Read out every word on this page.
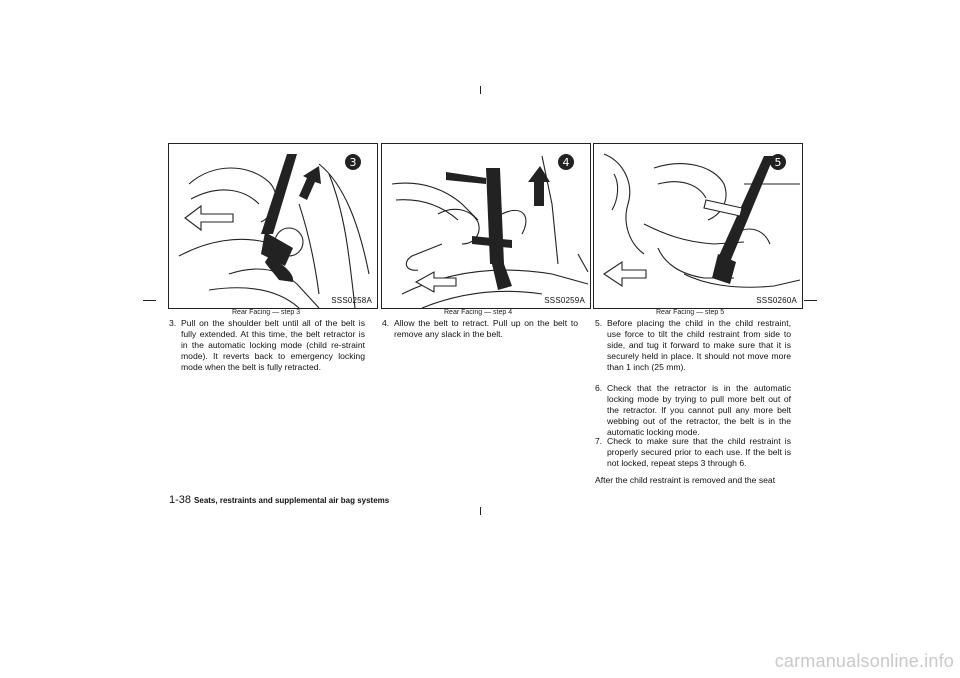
3
SSS0258A
Rear Facing — step 3
4
SSS0259A
Rear Facing — step 4
5
SSS0260A
Rear Facing — step 5
3. Pull on the shoulder belt until all of the belt is fully extended. At this time, the belt retractor is in the automatic locking mode (child re-straint mode). It reverts back to emergency locking mode when the belt is fully retracted.
4. Allow the belt to retract. Pull up on the belt to remove any slack in the belt.
5. Before placing the child in the child restraint, use force to tilt the child restraint from side to side, and tug it forward to make sure that it is securely held in place. It should not move more than 1 inch (25 mm).
6. Check that the retractor is in the automatic locking mode by trying to pull more belt out of the retractor. If you cannot pull any more belt webbing out of the retractor, the belt is in the automatic locking mode.
7. Check to make sure that the child restraint is properly secured prior to each use. If the belt is not locked, repeat steps 3 through 6.
After the child restraint is removed and the seat
1-38 Seats, restraints and supplemental air bag systems
carmanualsonline.info
